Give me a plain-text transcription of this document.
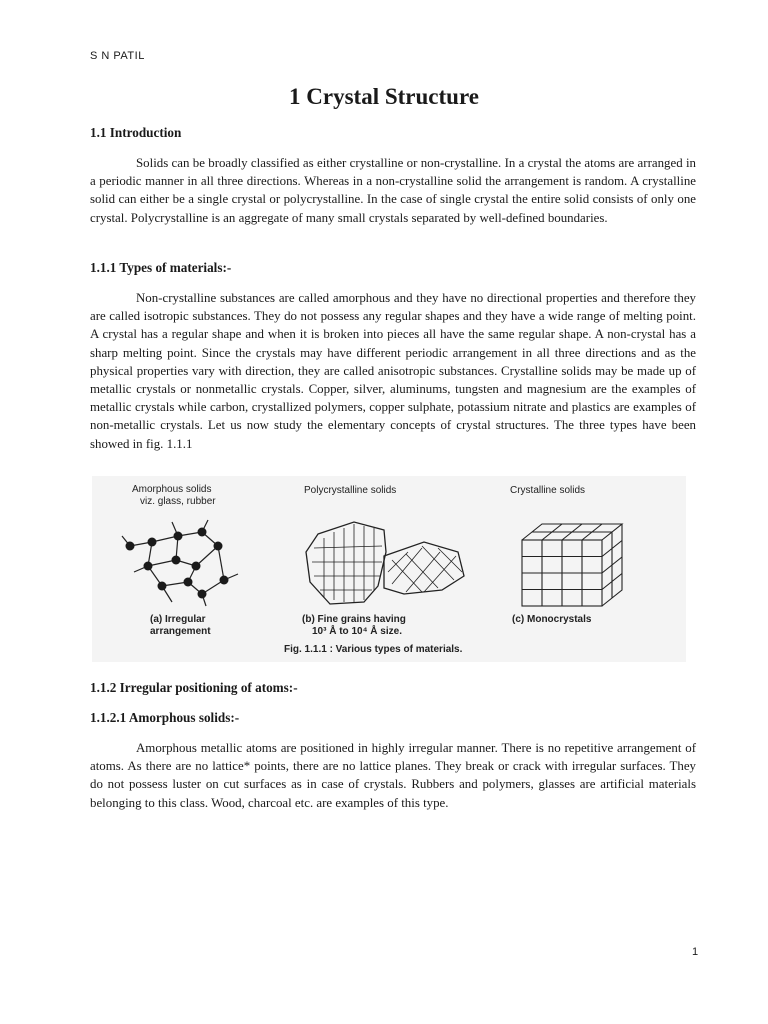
S N PATIL
1 Crystal Structure
1.1 Introduction

Solids can be broadly classified as either crystalline or non-crystalline. In a crystal the atoms are arranged in a periodic manner in all three directions. Whereas in a non-crystalline solid the arrangement is random. A crystalline solid can either be a single crystal or polycrystalline. In the case of single crystal the entire solid consists of only one crystal. Polycrystalline is an aggregate of many small crystals separated by well-defined boundaries.

1.1.1 Types of materials:-

Non-crystalline substances are called amorphous and they have no directional properties and therefore they are called isotropic substances. They do not possess any regular shapes and they have a wide range of melting point. A crystal has a regular shape and when it is broken into pieces all have the same regular shape. A non-crystal has a sharp melting point. Since the crystals may have different periodic arrangement in all three directions and as the physical properties vary with direction, they are called anisotropic substances. Crystalline solids may be made up of metallic crystals or nonmetallic crystals. Copper, silver, aluminums, tungsten and magnesium are the examples of metallic crystals while carbon, crystallized polymers, copper sulphate, potassium nitrate and plastics are examples of non-metallic crystals. Let us now study the elementary concepts of crystal structures. The three types have been showed in fig. 1.1.1

Amorphous solids
viz. glass, rubber
(a) Irregular
arrangement
Polycrystalline solids
(b) Fine grains having
10³ Å to 10⁴ Å size.
Crystalline solids
(c) Monocrystals
Fig. 1.1.1 : Various types of materials.
1.1.2 Irregular positioning of atoms:-
1.1.2.1 Amorphous solids:-

Amorphous metallic atoms are positioned in highly irregular manner. There is no repetitive arrangement of atoms. As there are no lattice* points, there are no lattice planes. They break or crack with irregular surfaces. They do not possess luster on cut surfaces as in case of crystals. Rubbers and polymers, glasses are artificial materials belonging to this class. Wood, charcoal etc. are examples of this type.

1
